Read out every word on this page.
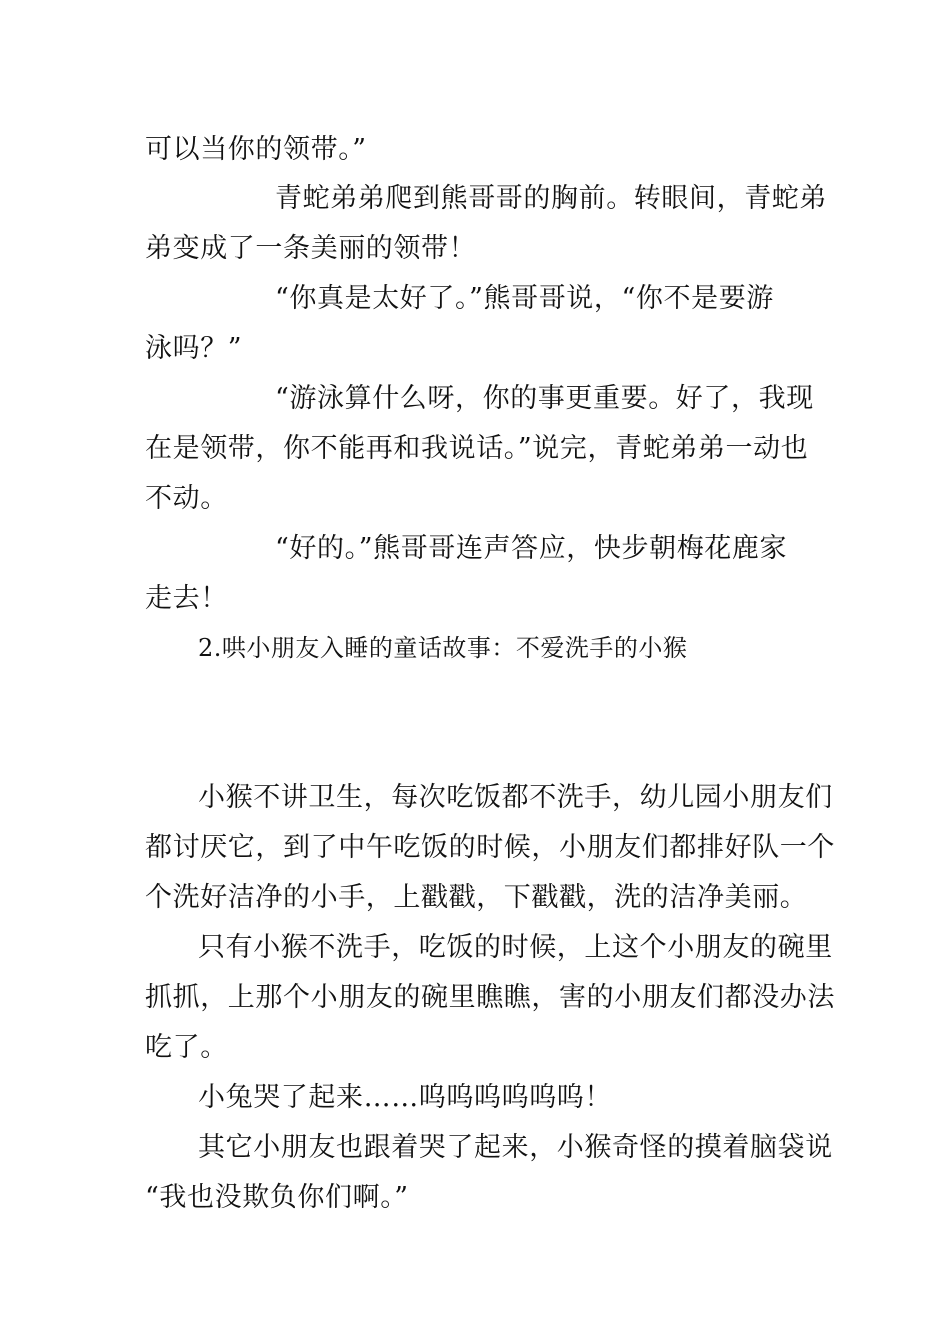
可以当你的领带。”
青蛇弟弟爬到熊哥哥的胸前。转眼间，青蛇弟
弟变成了一条美丽的领带！
“你真是太好了。”熊哥哥说，“你不是要游
泳吗？”
“游泳算什么呀，你的事更重要。好了，我现
在是领带，你不能再和我说话。”说完，青蛇弟弟一动也
不动。
“好的。”熊哥哥连声答应，快步朝梅花鹿家
走去！
2.哄小朋友入睡的童话故事：不爱洗手的小猴
小猴不讲卫生，每次吃饭都不洗手，幼儿园小朋友们
都讨厌它，到了中午吃饭的时候，小朋友们都排好队一个
个洗好洁净的小手，上戳戳，下戳戳，洗的洁净美丽。
只有小猴不洗手，吃饭的时候，上这个小朋友的碗里
抓抓，上那个小朋友的碗里瞧瞧，害的小朋友们都没办法
吃了。
小兔哭了起来……呜呜呜呜呜呜！
其它小朋友也跟着哭了起来，小猴奇怪的摸着脑袋说
“我也没欺负你们啊。”
